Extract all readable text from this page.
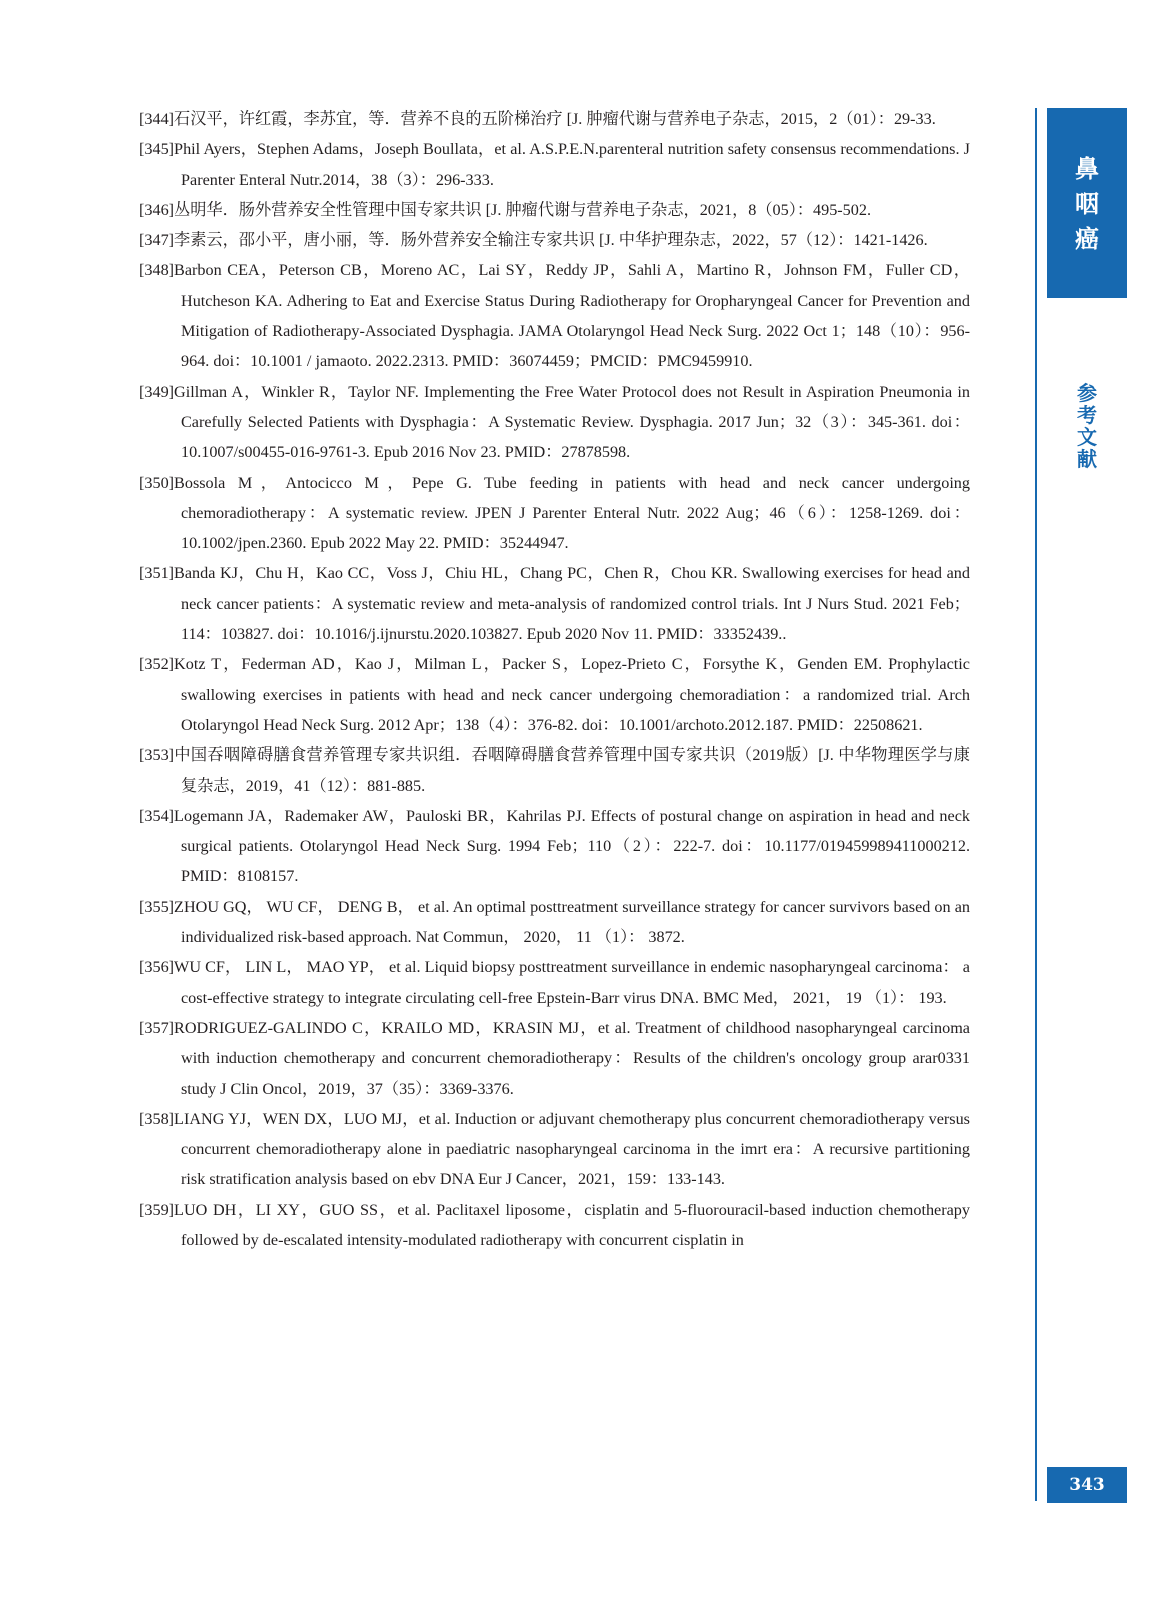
[344]石汉平，许红霞，李苏宜，等．营养不良的五阶梯治疗 [J. 肿瘤代谢与营养电子杂志，2015，2（01）：29-33.

[345]Phil Ayers，Stephen Adams，Joseph Boullata，et al. A.S.P.E.N.parenteral nutrition safety consensus recommendations. J Parenter Enteral Nutr.2014，38（3）：296-333.

[346]丛明华．肠外营养安全性管理中国专家共识 [J. 肿瘤代谢与营养电子杂志，2021，8（05）：495-502.

[347]李素云，邵小平，唐小丽，等．肠外营养安全输注专家共识 [J. 中华护理杂志，2022，57（12）：1421-1426.

[348]Barbon CEA，Peterson CB，Moreno AC，Lai SY，Reddy JP，Sahli A，Martino R，Johnson FM，Fuller CD，Hutcheson KA. Adhering to Eat and Exercise Status During Radiotherapy for Oropharyngeal Cancer for Prevention and Mitigation of Radiotherapy-Associated Dysphagia. JAMA Otolaryngol Head Neck Surg. 2022 Oct 1；148（10）：956-964. doi：10.1001 / jamaoto. 2022.2313. PMID：36074459；PMCID：PMC9459910.

[349]Gillman A，Winkler R，Taylor NF. Implementing the Free Water Protocol does not Result in Aspiration Pneumonia in Carefully Selected Patients with Dysphagia：A Systematic Review. Dysphagia. 2017 Jun；32（3）：345-361. doi：10.1007/s00455-016-9761-3. Epub 2016 Nov 23. PMID：27878598.

[350]Bossola M，Antocicco M，Pepe G. Tube feeding in patients with head and neck cancer undergoing chemoradiotherapy：A systematic review. JPEN J Parenter Enteral Nutr. 2022 Aug；46（6）：1258-1269. doi：10.1002/jpen.2360. Epub 2022 May 22. PMID：35244947.

[351]Banda KJ，Chu H，Kao CC，Voss J，Chiu HL，Chang PC，Chen R，Chou KR. Swallowing exercises for head and neck cancer patients：A systematic review and meta-analysis of randomized control trials. Int J Nurs Stud. 2021 Feb；114：103827. doi：10.1016/j.ijnurstu.2020.103827. Epub 2020 Nov 11. PMID：33352439..

[352]Kotz T，Federman AD，Kao J，Milman L，Packer S，Lopez-Prieto C，Forsythe K，Genden EM. Prophylactic swallowing exercises in patients with head and neck cancer undergoing chemoradiation：a randomized trial. Arch Otolaryngol Head Neck Surg. 2012 Apr；138（4）：376-82. doi：10.1001/archoto.2012.187. PMID：22508621.

[353]中国吞咽障碍膳食营养管理专家共识组．吞咽障碍膳食营养管理中国专家共识（2019版）[J. 中华物理医学与康复杂志，2019，41（12）：881-885.

[354]Logemann JA，Rademaker AW，Pauloski BR，Kahrilas PJ. Effects of postural change on aspiration in head and neck surgical patients. Otolaryngol Head Neck Surg. 1994 Feb；110（2）：222-7. doi：10.1177/019459989411000212. PMID：8108157.

[355]ZHOU GQ， WU CF， DENG B， et al. An optimal posttreatment surveillance strategy for cancer survivors based on an individualized risk-based approach. Nat Commun， 2020， 11 （1）： 3872.

[356]WU CF， LIN L， MAO YP， et al. Liquid biopsy posttreatment surveillance in endemic nasopharyngeal carcinoma： a cost-effective strategy to integrate circulating cell-free Epstein-Barr virus DNA. BMC Med， 2021， 19 （1）： 193.

[357]RODRIGUEZ-GALINDO C，KRAILO MD，KRASIN MJ，et al. Treatment of childhood nasopharyngeal carcinoma with induction chemotherapy and concurrent chemoradiotherapy：Results of the children's oncology group arar0331 study J Clin Oncol，2019，37（35）：3369-3376.

[358]LIANG YJ，WEN DX，LUO MJ，et al. Induction or adjuvant chemotherapy plus concurrent chemoradiotherapy versus concurrent chemoradiotherapy alone in paediatric nasopharyngeal carcinoma in the imrt era：A recursive partitioning risk stratification analysis based on ebv DNA Eur J Cancer，2021，159：133-143.

[359]LUO DH，LI XY，GUO SS，et al. Paclitaxel liposome，cisplatin and 5-fluorouracil-based induction chemotherapy followed by de-escalated intensity-modulated radiotherapy with concurrent cisplatin in

鼻
咽
癌
参
考
文
献
343
